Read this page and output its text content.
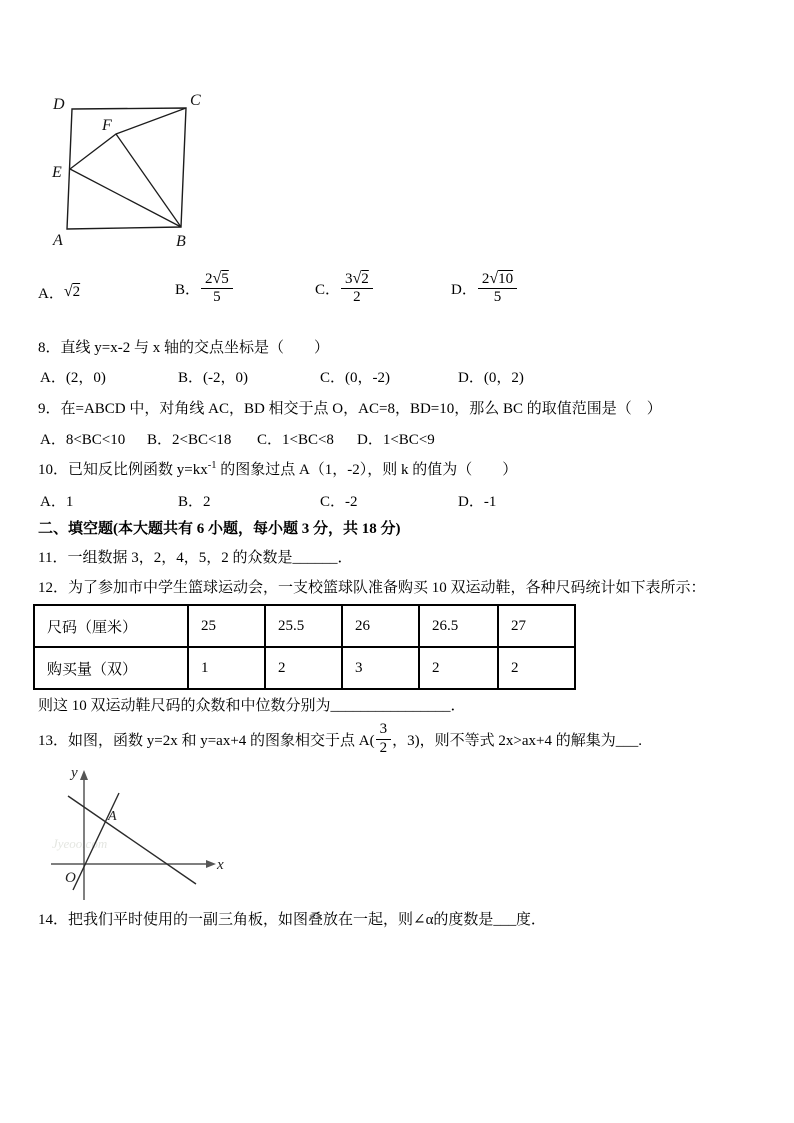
D	C
F
E
A	B
A． √2	B． $\frac{2√5}{5}$	C． $\frac{3√2}{2}$	D． $\frac{2√10}{5}$
8．直线 y=x-2 与 x 轴的交点坐标是（　　）
A．(2，0)	B．(-2，0)	C．(0，-2)	D．(0，2)
9．在=ABCD 中，对角线 AC，BD 相交于点 O，AC=8，BD=10，那么 BC 的取值范围是（　）
A．8<BC<10 B．2<BC<18 C．1<BC<8 D．1<BC<9
10．已知反比例函数 $y=kx^{-1}$ 的图象过点 A（1，-2），则 k 的值为（　　）
A．1	B．2	C．-2	D．-1
二、填空题(本大题共有 6 小题，每小题 3 分，共 18 分)
11．一组数据 3，2，4，5，2 的众数是______．
12．为了参加市中学生篮球运动会，一支校篮球队准备购买 10 双运动鞋，各种尺码统计如下表所示：
尺码（厘米）	25	25.5	26	26.5	27
购买量（双）	1	2	3	2	2
则这 10 双运动鞋尺码的众数和中位数分别为________________．
13．如图，函数 y=2x 和 y=ax+4 的图象相交于点 $A( \frac{3}{2}$ ，3)，则不等式 2x>ax+4 的解集为___.
Jyeoo.com
y
x
O
A
14．把我们平时使用的一副三角板，如图叠放在一起，则∠α的度数是___度．
